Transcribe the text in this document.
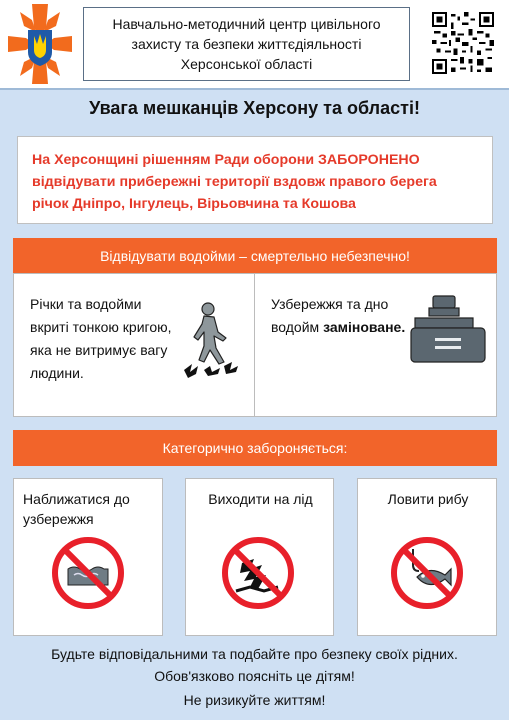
Навчально-методичний центр цивільного
захисту та безпеки життєдіяльності
Херсонської області
Увага мешканців Херсону та області!
На Херсонщині рішенням Ради оборони ЗАБОРОНЕНО
відвідувати прибережні території вздовж правого берега
річок Дніпро, Інгулець, Вірьовчина та Кошова
Відвідувати водойми – смертельно небезпечно!
Річки та водойми вкриті тонкою кригою, яка не витримує вагу людини.
Узбережжя та дно водойм заміноване.
Категорично забороняється:
Наближатися до узбережжя
Виходити на лід	Ловити рибу
Будьте відповідальними та подбайте про безпеку своїх рідних.
Обов'язково поясніть це дітям!
Не ризикуйте життям!
